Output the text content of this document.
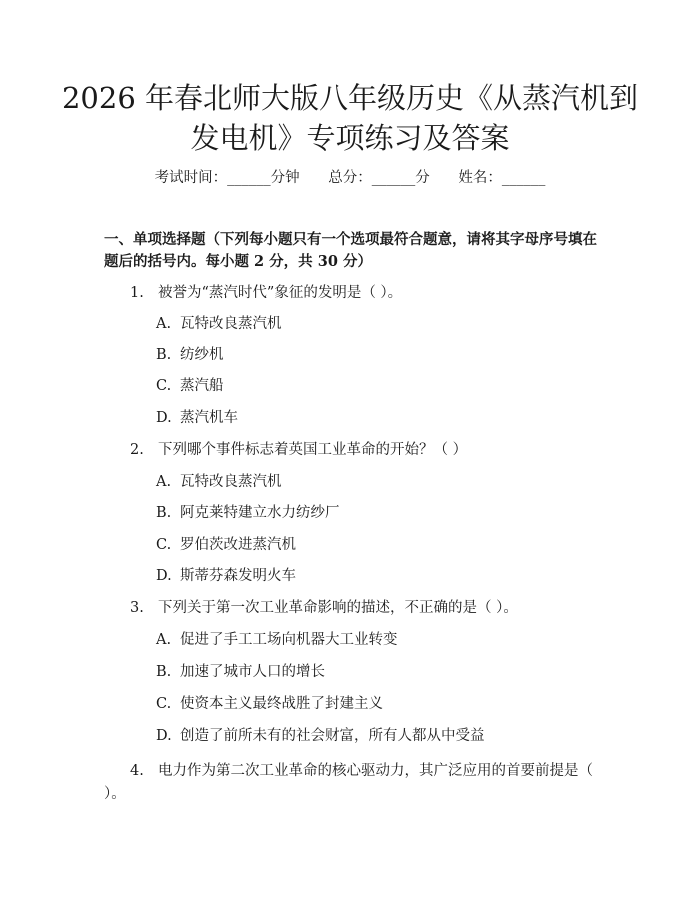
2026 年春北师大版八年级历史《从蒸汽机到
发电机》专项练习及答案
考试时间：______分钟 总分：______分 姓名：______

一、单项选择题（下列每小题只有一个选项最符合题意，请将其字母序号填在题后的括号内。每小题 2 分，共 30 分）

1. 被誉为“蒸汽时代”象征的发明是（ ）。
A. 瓦特改良蒸汽机
B. 纺纱机
C. 蒸汽船
D. 蒸汽机车
2. 下列哪个事件标志着英国工业革命的开始？（ ）
A. 瓦特改良蒸汽机
B. 阿克莱特建立水力纺纱厂
C. 罗伯茨改进蒸汽机
D. 斯蒂芬森发明火车
3. 下列关于第一次工业革命影响的描述，不正确的是（ ）。
A. 促进了手工工场向机器大工业转变
B. 加速了城市人口的增长
C. 使资本主义最终战胜了封建主义
D. 创造了前所未有的社会财富，所有人都从中受益
4. 电力作为第二次工业革命的核心驱动力，其广泛应用的首要前提是（ ）。
